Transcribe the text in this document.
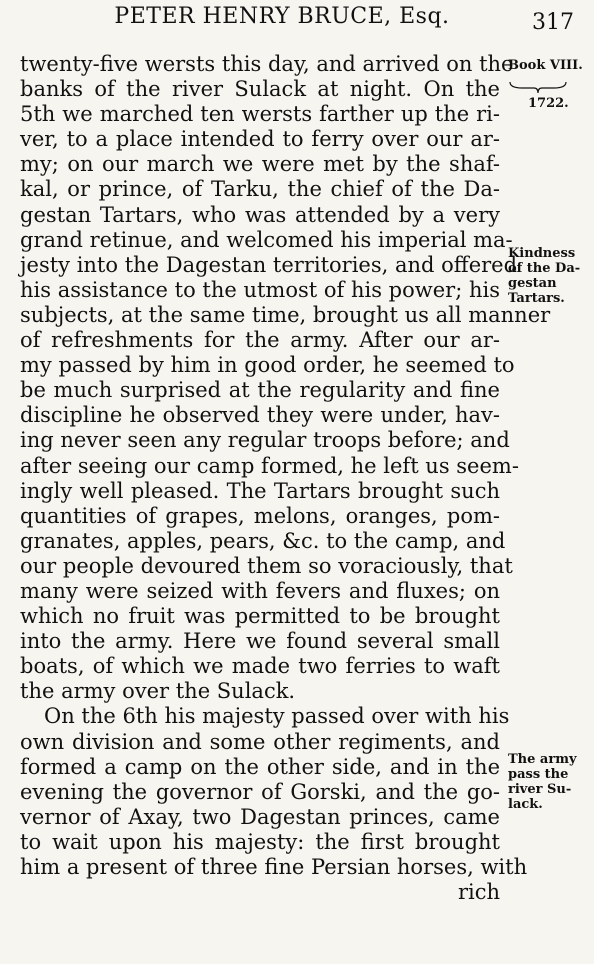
PETER HENRY BRUCE, Esq.	317
twenty-five wersts this day, and arrived on the
banks of the river Sulack at night. On the
5th we marched ten wersts farther up the ri-
ver, to a place intended to ferry over our ar-
my; on our march we were met by the shaf-
kal, or prince, of Tarku, the chief of the Da-
gestan Tartars, who was attended by a very
grand retinue, and welcomed his imperial ma-
jesty into the Dagestan territories, and offered
his assistance to the utmost of his power; his
subjects, at the same time, brought us all manner
of refreshments for the army. After our ar-
my passed by him in good order, he seemed to
be much surprised at the regularity and fine
discipline he observed they were under, hav-
ing never seen any regular troops before; and
after seeing our camp formed, he left us seem-
ingly well pleased. The Tartars brought such
quantities of grapes, melons, oranges, pom-
granates, apples, pears, &c. to the camp, and
our people devoured them so voraciously, that
many were seized with fevers and fluxes; on
which no fruit was permitted to be brought
into the army. Here we found several small
boats, of which we made two ferries to waft
the army over the Sulack.
On the 6th his majesty passed over with his
own division and some other regiments, and
formed a camp on the other side, and in the
evening the governor of Gorski, and the go-
vernor of Axay, two Dagestan princes, came
to wait upon his majesty: the first brought
him a present of three fine Persian horses, with
rich
Book VIII.
1722.
Kindness
of the Da-
gestan
Tartars.
The army
pass the
river Su-
lack.
